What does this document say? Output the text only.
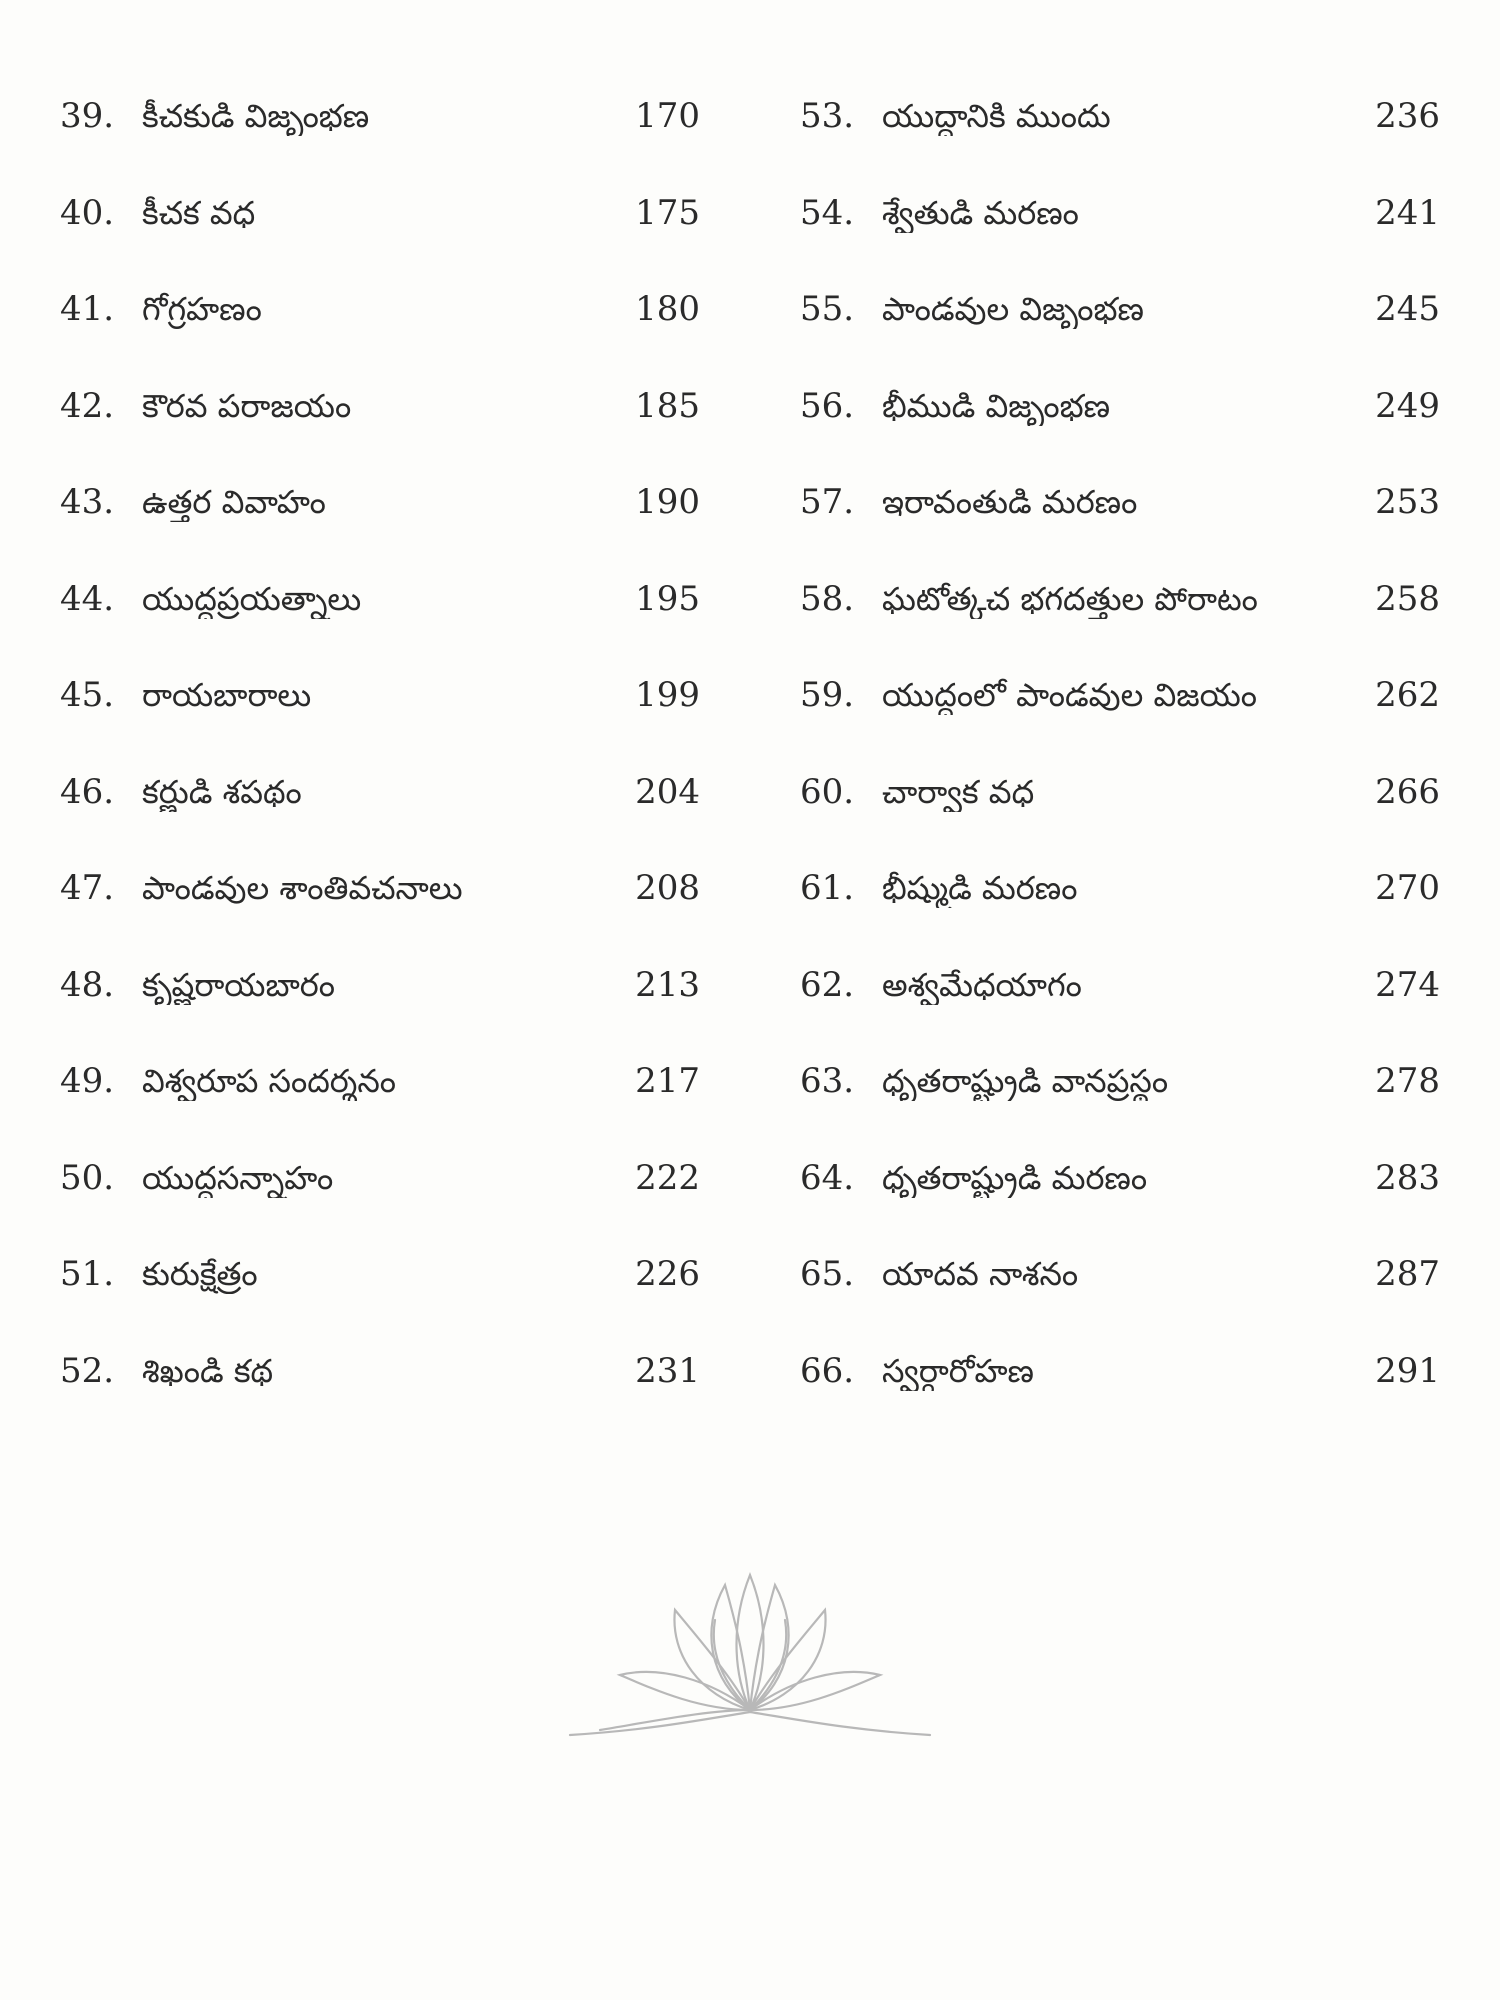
39. కీచకుడి విజృంభణ	170
40. కీచక వధ	175
41. గోగ్రహణం	180
42. కౌరవ పరాజయం	185
43. ఉత్తర వివాహం	190
44. యుద్ధప్రయత్నాలు	195
45. రాయబారాలు	199
46. కర్ణుడి శపథం	204
47. పాండవుల శాంతివచనాలు	208
48. కృష్ణరాయబారం	213
49. విశ్వరూప సందర్శనం	217
50. యుద్ధసన్నాహం	222
51. కురుక్షేత్రం	226
52. శిఖండి కథ	231
53. యుద్ధానికి ముందు	236
54. శ్వేతుడి మరణం	241
55. పాండవుల విజృంభణ	245
56. భీముడి విజృంభణ	249
57. ఇరావంతుడి మరణం	253
58. ఘటోత్కచ భగదత్తుల పోరాటం	258
59. యుద్ధంలో పాండవుల విజయం	262
60. చార్వాక వధ	266
61. భీష్ముడి మరణం	270
62. అశ్వమేధయాగం	274
63. ధృతరాష్ట్రుడి వానప్రస్థం	278
64. ధృతరాష్ట్రుడి మరణం	283
65. యాదవ నాశనం	287
66. స్వర్గారోహణ	291
